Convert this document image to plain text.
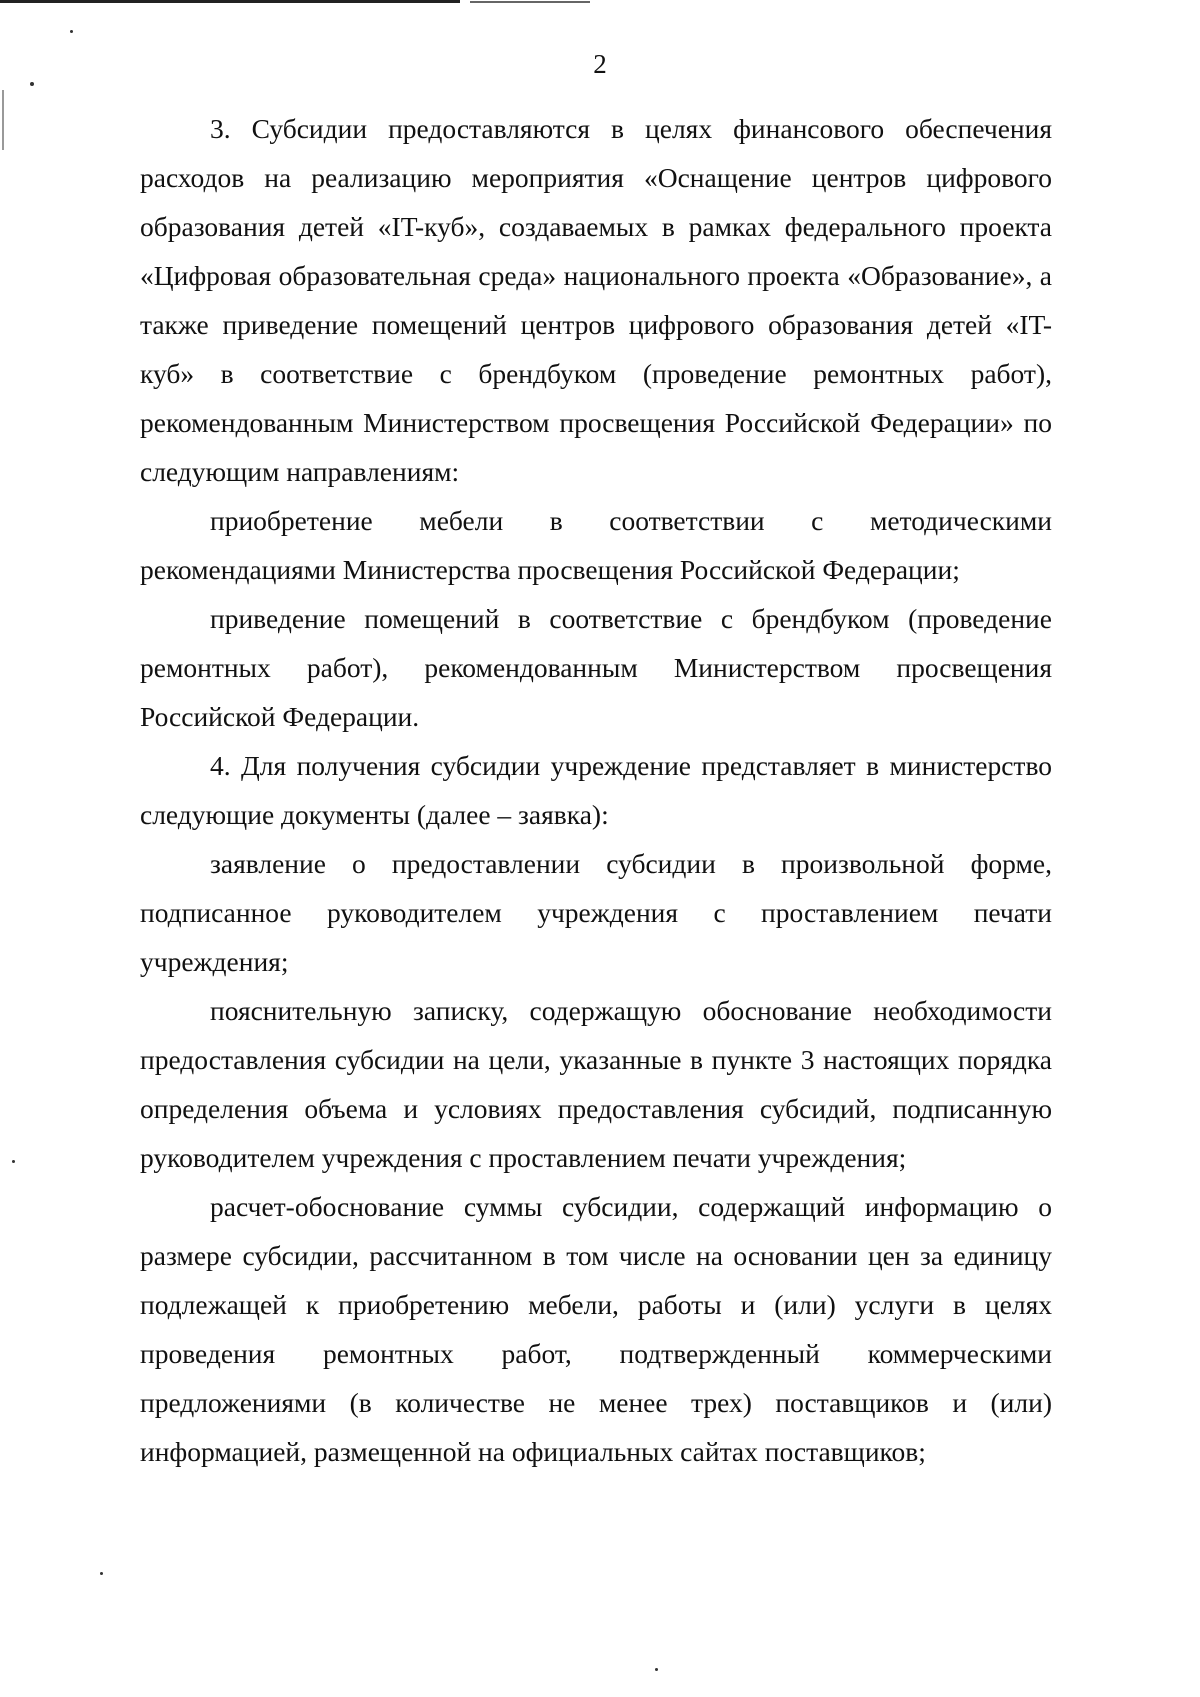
2

3. Субсидии предоставляются в целях финансового обеспечения расходов на реализацию мероприятия «Оснащение центров цифрового образования детей «IT-куб», создаваемых в рамках федерального проекта «Цифровая образовательная среда» национального проекта «Образование», а также приведение помещений центров цифрового образования детей «IT-куб» в соответствие с брендбуком (проведение ремонтных работ), рекомендованным Министерством просвещения Российской Федерации» по следующим направлениям:

приобретение мебели в соответствии с методическими рекомендациями Министерства просвещения Российской Федерации;

приведение помещений в соответствие с брендбуком (проведение ремонтных работ), рекомендованным Министерством просвещения Российской Федерации.

4. Для получения субсидии учреждение представляет в министерство следующие документы (далее – заявка):

заявление о предоставлении субсидии в произвольной форме, подписанное руководителем учреждения с проставлением печати учреждения;

пояснительную записку, содержащую обоснование необходимости предоставления субсидии на цели, указанные в пункте 3 настоящих порядка определения объема и условиях предоставления субсидий, подписанную руководителем учреждения с проставлением печати учреждения;

расчет-обоснование суммы субсидии, содержащий информацию о размере субсидии, рассчитанном в том числе на основании цен за единицу подлежащей к приобретению мебели, работы и (или) услуги в целях проведения ремонтных работ, подтвержденный коммерческими предложениями (в количестве не менее трех) поставщиков и (или) информацией, размещенной на официальных сайтах поставщиков;
